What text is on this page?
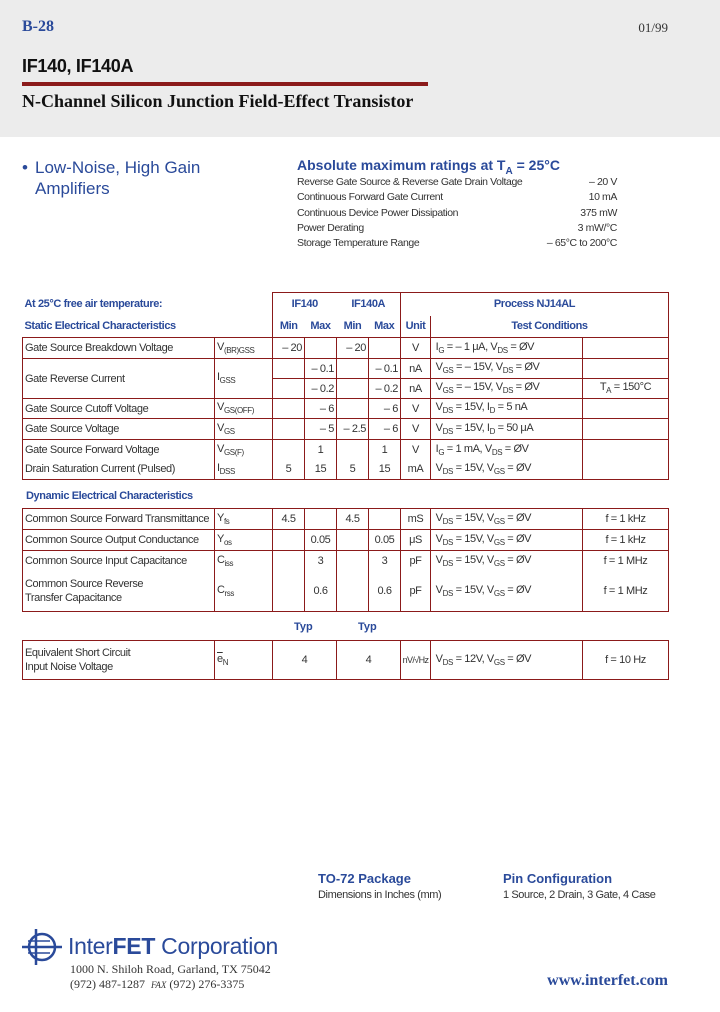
B-28	01/99
IF140, IF140A
N-Channel Silicon Junction Field-Effect Transistor
• Low-Noise, High Gain
Amplifiers
Absolute maximum ratings at $T_A = 25^\circ C$
Reverse Gate Source & Reverse Gate Drain Voltage	– 20 V
Continuous Forward Gate Current	10 mA
Continuous Device Power Dissipation	375 mW
Power Derating	3 mW/°C
Storage Temperature Range	– 65°C to 200°C
At 25°C free air temperature:		IF140		IF140A		Process NJ14AL		
Static Electrical Characteristics		Min	Max	Min	Max	Unit	Test Conditions	
Gate Source Breakdown Voltage	$V_{(BR)GSS}$	– 20		– 20		V	$I_G$ = – 1 μA, $V_{DS}$ = ØV	
Gate Reverse Current	$I_{GSS}$		– 0.1		– 0.1	nA	$V_{GS}$ = – 15V, $V_{DS}$ = ØV	
			– 0.2		– 0.2	nA	$V_{GS}$ = – 15V, $V_{DS}$ = ØV	$T_A = 150^\circ C$
Gate Source Cutoff Voltage	$V_{GS(OFF)}$		– 6		– 6	V	$V_{DS} = 15V$, $I_D = 5$ nA	
Gate Source Voltage	$V_{GS}$		– 5	– 2.5	– 6	V	$V_{DS} = 15V$, $I_D = 50$ μA	
Gate Source Forward Voltage	$V_{GS(F)}$		1		1	V	$I_G = 1$ mA, $V_{DS}$ = ØV	
Drain Saturation Current (Pulsed)	$I_{DSS}$	5	15	5	15	mA	$V_{DS} = 15V$, $V_{GS}$ = ØV	
Dynamic Electrical Characteristics
Common Source Forward Transmittance	$Y_{fs}$	4.5		4.5		mS	$V_{DS} = 15V$, $V_{GS}$ = ØV	f = 1 kHz
Common Source Output Conductance	$Y_{os}$		0.05		0.05	μS	$V_{DS} = 15V$, $V_{GS}$ = ØV	f = 1 kHz
Common Source Input Capacitance	$C_{iss}$		3		3	pF	$V_{DS} = 15V$, $V_{GS}$ = ØV	f = 1 MHz

Common Source Reverse
Transfer Capacitance	$C_{rss}$		0.6		0.6	pF	$V_{DS} = 15V$, $V_{GS}$ = ØV	f = 1 MHz
Typ	Typ
Equivalent Short Circuit
Input Noise Voltage
	$\overline{e}_N$	4	4	nV/√Hz	$V_{DS} = 12V$, $V_{GS}$ = ØV	f = 10 Hz
TO-72 Package
Dimensions in Inches (mm)
Pin Configuration
1 Source, 2 Drain, 3 Gate, 4 Case
InterFET Corporation
1000 N. Shiloh Road, Garland, TX 75042
(972) 487-1287 FAX (972) 276-3375	www.interfet.com
